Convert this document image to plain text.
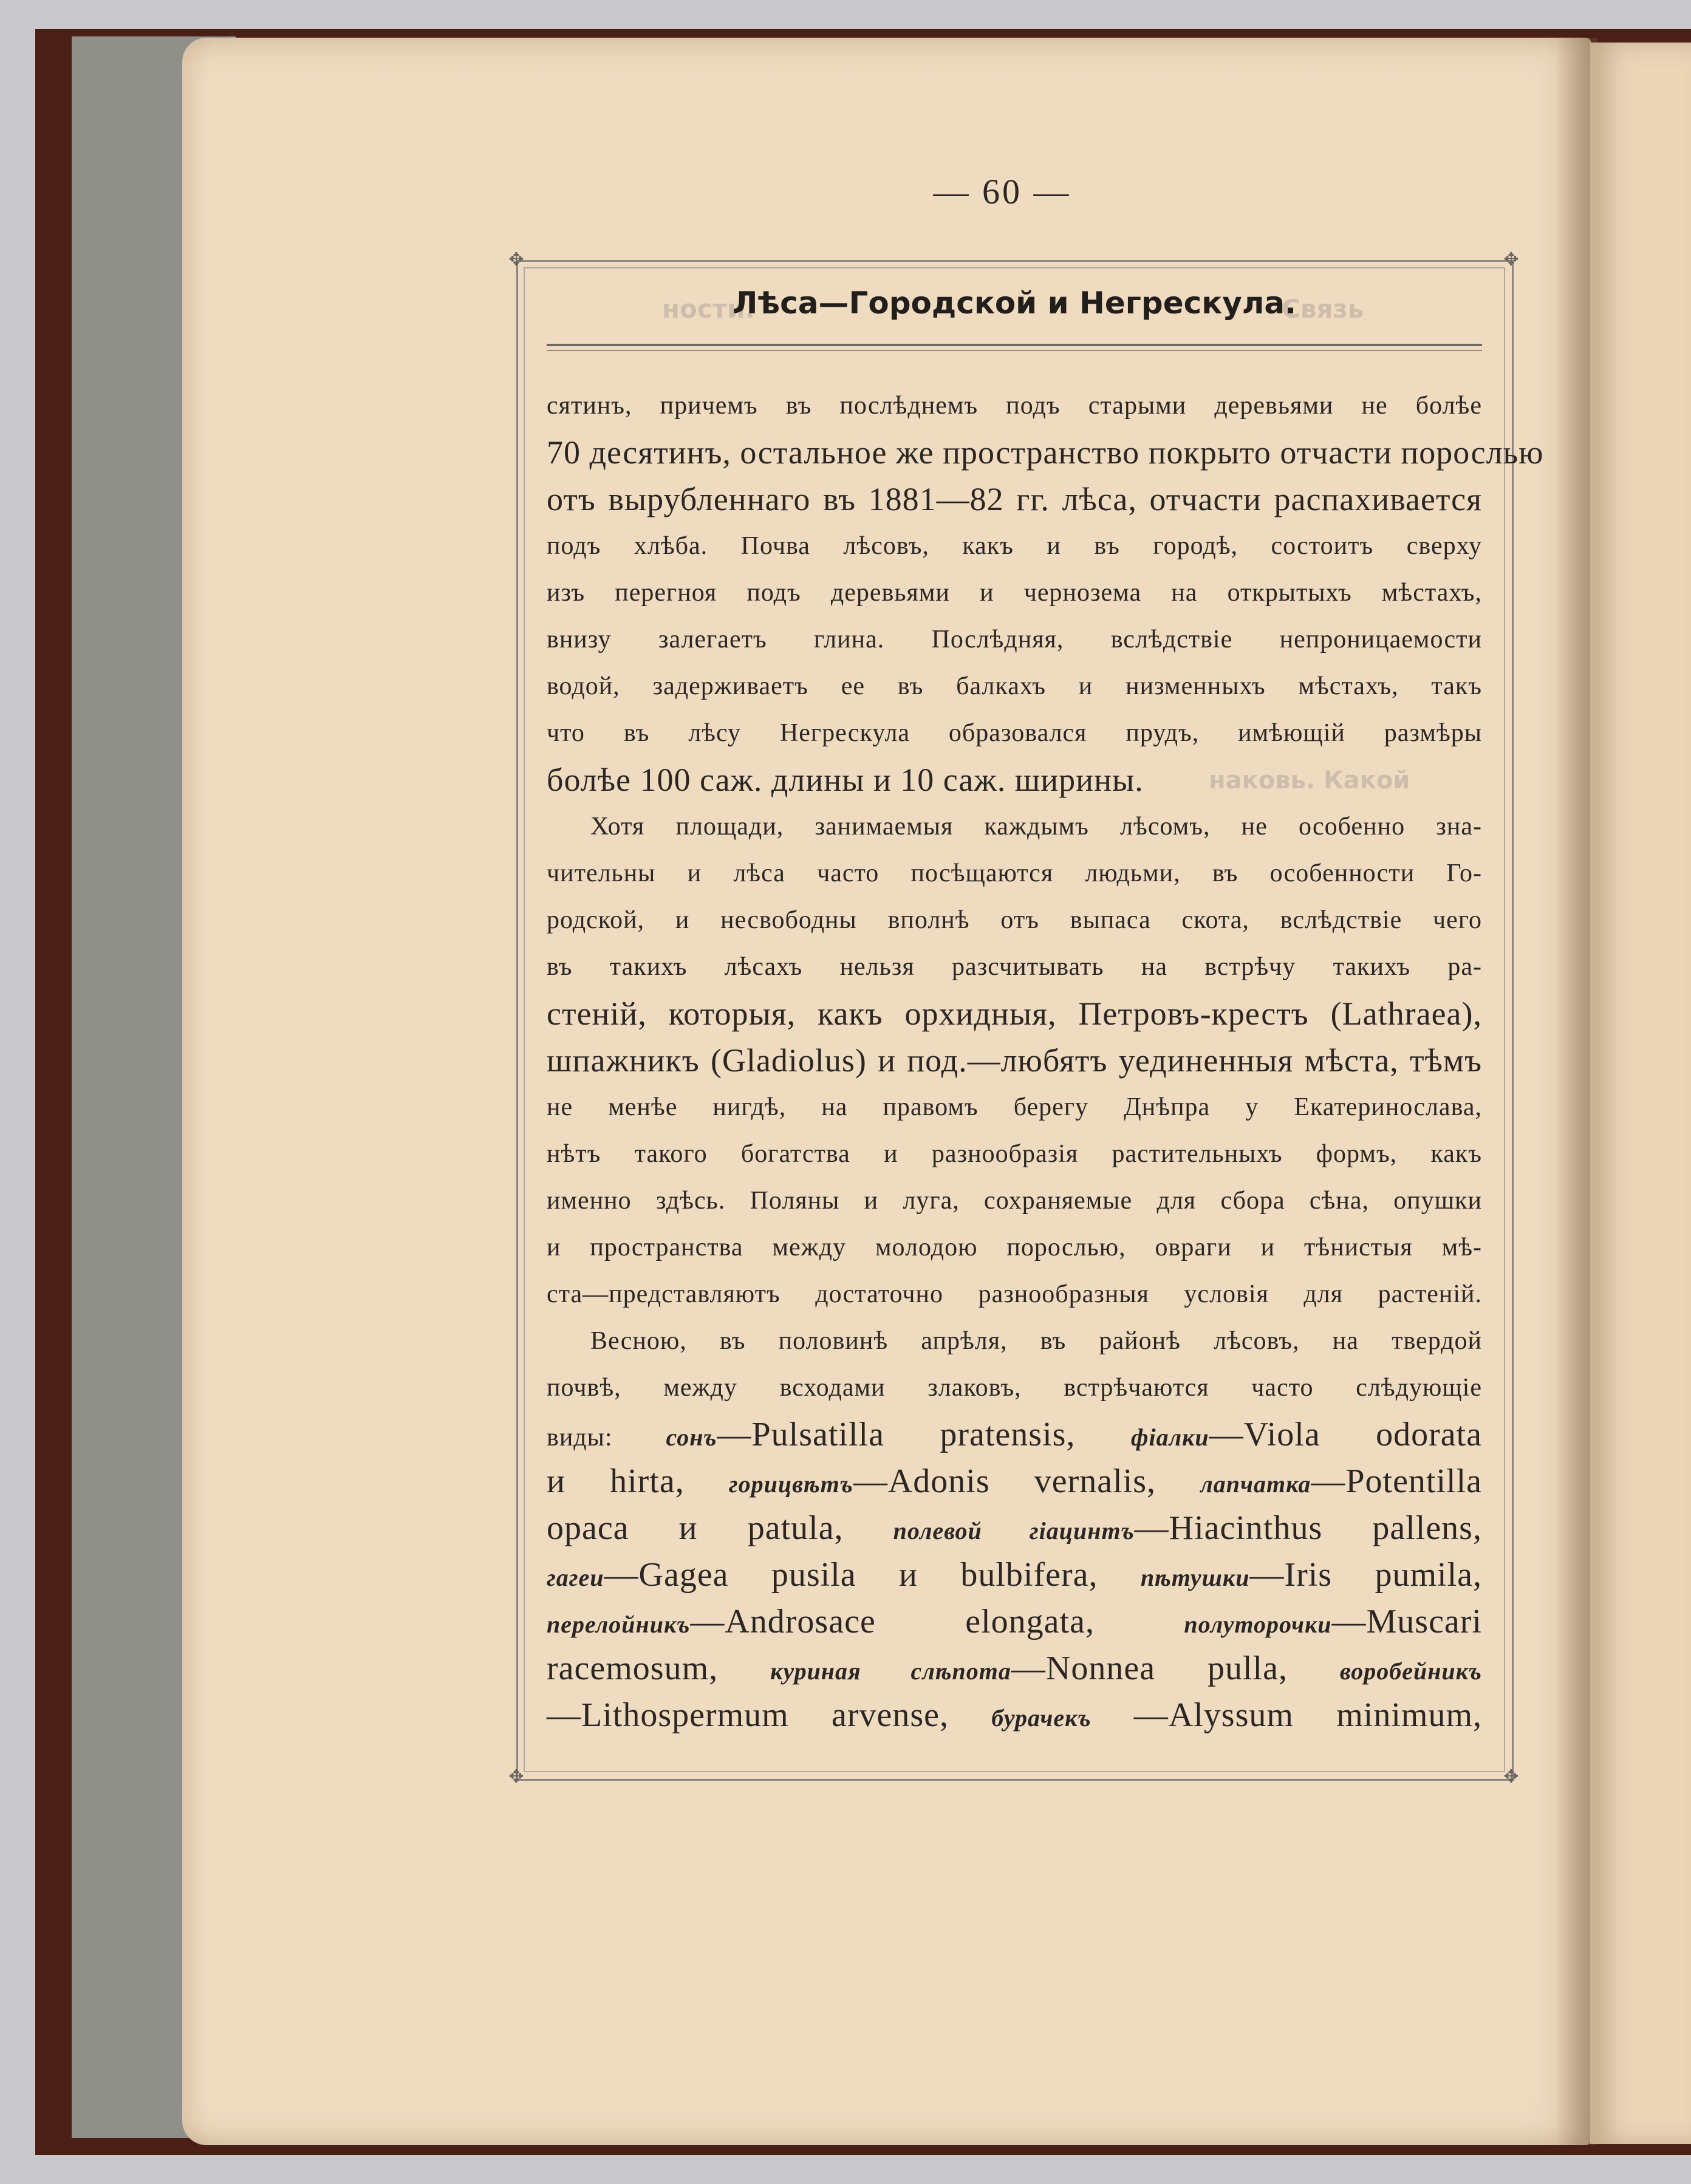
— 60 —
✥	✥
✥	✥
ности.	Связь
наковь. Какой
Лѣса—Городской и Негрескула.
сятинъ, причемъ въ послѣднемъ подъ старыми деревьями не болѣе
70 десятинъ, остальное же пространство покрыто отчасти порослью
отъ вырубленнаго въ 1881—82 гг. лѣса, отчасти распахивается
подъ хлѣба. Почва лѣсовъ, какъ и въ городѣ, состоитъ сверху
изъ перегноя подъ деревьями и чернозема на открытыхъ мѣстахъ,
внизу залегаетъ глина. Послѣдняя, вслѣдствіе непроницаемости
водой, задерживаетъ ее въ балкахъ и низменныхъ мѣстахъ, такъ
что въ лѣсу Негрескула образовался прудъ, имѣющій размѣры
болѣе 100 саж. длины и 10 саж. ширины.
Хотя площади, занимаемыя каждымъ лѣсомъ, не особенно зна-
чительны и лѣса часто посѣщаются людьми, въ особенности Го-
родской, и несвободны вполнѣ отъ выпаса скота, вслѣдствіе чего
въ такихъ лѣсахъ нельзя разсчитывать на встрѣчу такихъ ра-
стеній, которыя, какъ орхидныя, Петровъ-крестъ (Lathraea),
шпажникъ (Gladiolus) и под.—любятъ уединенныя мѣста, тѣмъ
не менѣе нигдѣ, на правомъ берегу Днѣпра у Екатеринослава,
нѣтъ такого богатства и разнообразія растительныхъ формъ, какъ
именно здѣсь. Поляны и луга, сохраняемые для сбора сѣна, опушки
и пространства между молодою порослью, овраги и тѣнистыя мѣ-
ста—представляютъ достаточно разнообразныя условія для растеній.
Весною, въ половинѣ апрѣля, въ районѣ лѣсовъ, на твердой
почвѣ, между всходами злаковъ, встрѣчаются часто слѣдующіе
виды: сонъ—Pulsatilla pratensis, фіалки—Viola odorata
и hirta, горицвѣтъ—Adonis vernalis, лапчатка—Potentilla
opaca и patula, полевой гіацинтъ—Hiacinthus pallens,
гагеи—Gagea pusila и bulbifera, пѣтушки—Iris pumila,
перелойникъ—Androsace elongata, полуторочки—Muscari
racemosum, куриная слѣпота—Nonnea pulla, воробейникъ
—Lithospermum arvense, бурачекъ —Alyssum minimum,
